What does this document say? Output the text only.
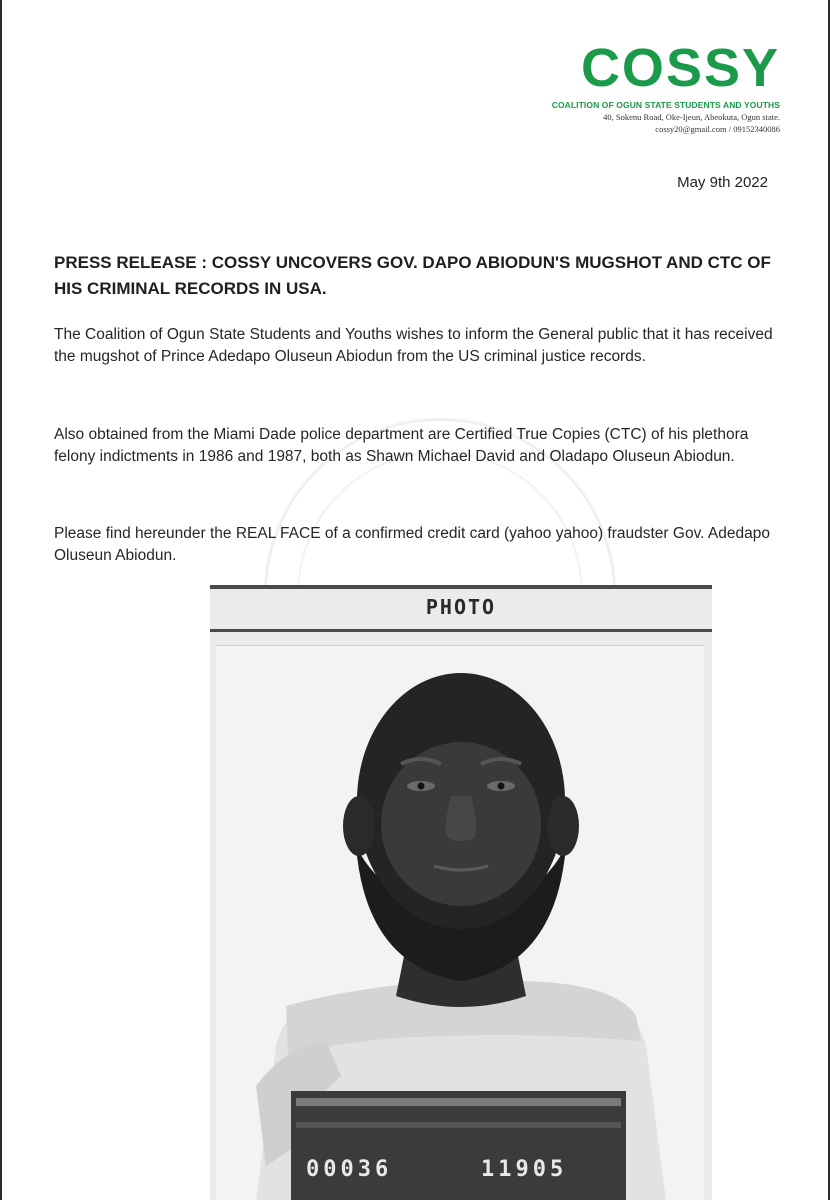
COSSY
COALITION OF OGUN STATE STUDENTS AND YOUTHS
40, Sokenu Road, Oke-Ijeun, Abeokuta, Ogun state.
cossy20@gmail.com / 09152340086
May 9th 2022
PRESS RELEASE : COSSY UNCOVERS GOV. DAPO ABIODUN'S MUGSHOT AND CTC OF HIS CRIMINAL RECORDS IN USA.
The Coalition of Ogun State Students and Youths wishes to inform the General public that it has received the mugshot of Prince Adedapo Oluseun Abiodun from the US criminal justice records.
Also obtained from the Miami Dade police department are Certified True Copies (CTC) of his plethora felony indictments in 1986 and 1987, both as Shawn Michael David and Oladapo Oluseun Abiodun.
Please find hereunder the REAL FACE of a confirmed credit card (yahoo yahoo) fraudster Gov. Adedapo Oluseun Abiodun.
PHOTO
00036	11905
